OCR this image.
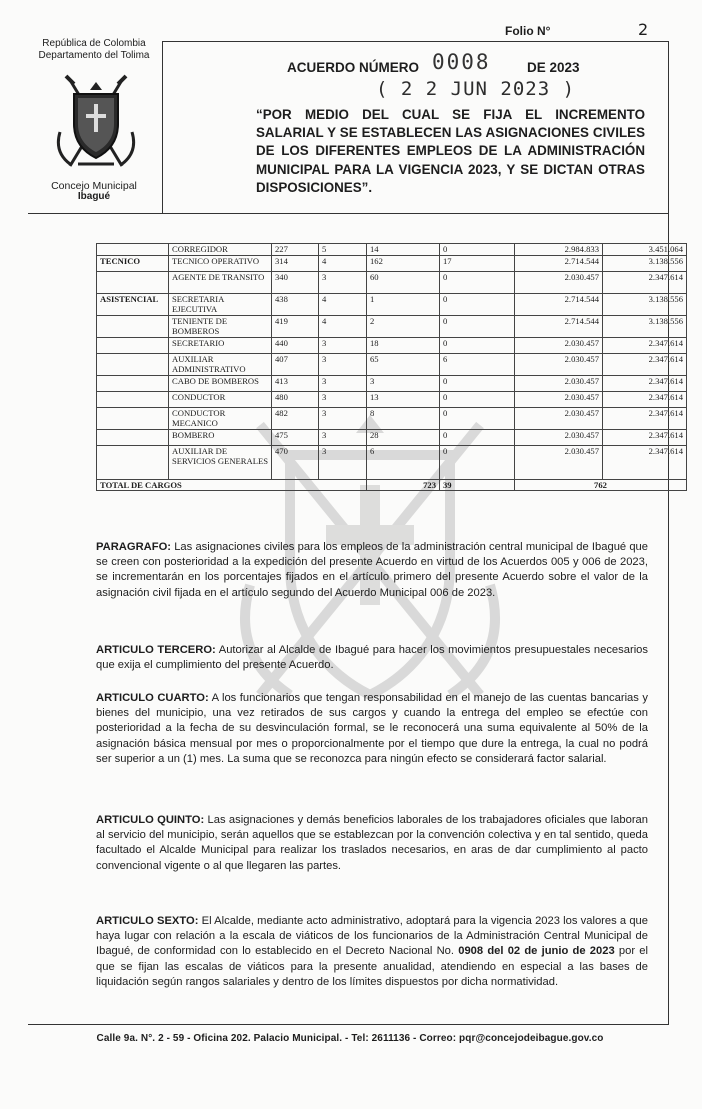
Folio N°	2
República de Colombia
Departamento del Tolima
Concejo Municipal
Ibagué
ACUERDO NÚMERO 0008	DE 2023
( 2 2 JUN 2023 )
“POR MEDIO DEL CUAL SE FIJA EL INCREMENTO SALARIAL Y SE ESTABLECEN LAS ASIGNACIONES CIVILES DE LOS DIFERENTES EMPLEOS DE LA ADMINISTRACIÓN MUNICIPAL PARA LA VIGENCIA 2023, Y SE DICTAN OTRAS DISPOSICIONES”.
	CORREGIDOR	227	5	14	0	2.984.833	3.451.064
TECNICO	TECNICO OPERATIVO	314	4	162	17	2.714.544	3.138.556
	AGENTE DE TRANSITO	340	3	60	0	2.030.457	2.347.614
ASISTENCIAL	SECRETARIA EJECUTIVA	438	4	1	0	2.714.544	3.138.556
	TENIENTE DE BOMBEROS	419	4	2	0	2.714.544	3.138.556
	SECRETARIO	440	3	18	0	2.030.457	2.347.614
	AUXILIAR ADMINISTRATIVO	407	3	65	6	2.030.457	2.347.614
	CABO DE BOMBEROS	413	3	3	0	2.030.457	2.347.614
	CONDUCTOR	480	3	13	0	2.030.457	2.347.614
	CONDUCTOR MECANICO	482	3	8	0	2.030.457	2.347.614
	BOMBERO	475	3	28	0	2.030.457	2.347.614
	AUXILIAR DE SERVICIOS GENERALES	470	3	6	0	2.030.457	2.347.614
TOTAL DE CARGOS				723	39	762	
PARAGRAFO: Las asignaciones civiles para los empleos de la administración central municipal de Ibagué que se creen con posterioridad a la expedición del presente Acuerdo en virtud de los Acuerdos 005 y 006 de 2023, se incrementarán en los porcentajes fijados en el artículo primero del presente Acuerdo sobre el valor de la asignación civil fijada en el artículo segundo del Acuerdo Municipal 006 de 2023.
ARTICULO TERCERO: Autorizar al Alcalde de Ibagué para hacer los movimientos presupuestales necesarios que exija el cumplimiento del presente Acuerdo.
ARTICULO CUARTO: A los funcionarios que tengan responsabilidad en el manejo de las cuentas bancarias y bienes del municipio, una vez retirados de sus cargos y cuando la entrega del empleo se efectúe con posterioridad a la fecha de su desvinculación formal, se le reconocerá una suma equivalente al 50% de la asignación básica mensual por mes o proporcionalmente por el tiempo que dure la entrega, la cual no podrá ser superior a un (1) mes. La suma que se reconozca para ningún efecto se considerará factor salarial.
ARTICULO QUINTO: Las asignaciones y demás beneficios laborales de los trabajadores oficiales que laboran al servicio del municipio, serán aquellos que se establezcan por la convención colectiva y en tal sentido, queda facultado el Alcalde Municipal para realizar los traslados necesarios, en aras de dar cumplimiento al pacto convencional vigente o al que llegaren las partes.
ARTICULO SEXTO: El Alcalde, mediante acto administrativo, adoptará para la vigencia 2023 los valores a que haya lugar con relación a la escala de viáticos de los funcionarios de la Administración Central Municipal de Ibagué, de conformidad con lo establecido en el Decreto Nacional No. 0908 del 02 de junio de 2023 por el que se fijan las escalas de viáticos para la presente anualidad, atendiendo en especial a las bases de liquidación según rangos salariales y dentro de los límites dispuestos por dicha normatividad.
Calle 9a. N°. 2 - 59 - Oficina 202. Palacio Municipal. - Tel: 2611136 - Correo: pqr@concejodeibague.gov.co
